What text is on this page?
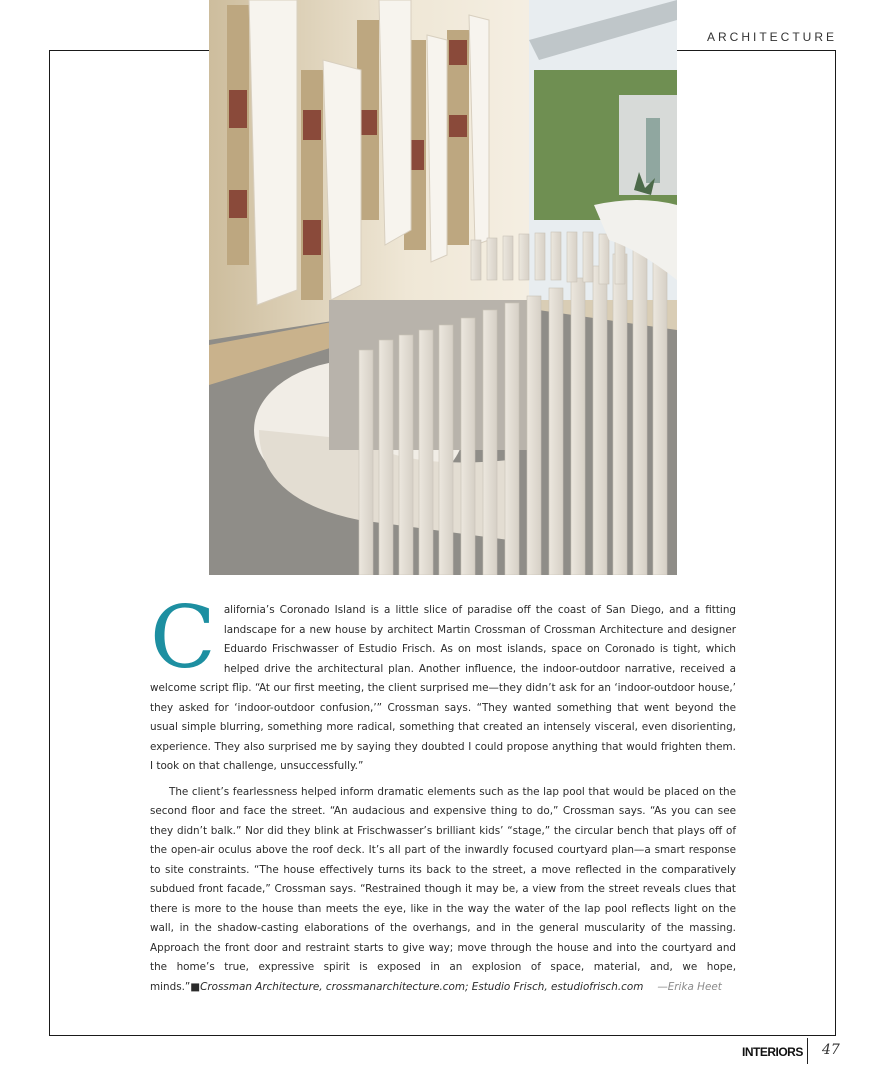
ARCHITECTURE

California’s Coronado Island is a little slice of paradise off the coast of San Diego, and a fitting landscape for a new house by architect Martin Crossman of Crossman Architecture and designer Eduardo Frischwasser of Estudio Frisch. As on most islands, space on Coronado is tight, which helped drive the architectural plan. Another influence, the indoor-outdoor narrative, received a welcome script flip. “At our first meeting, the client surprised me—they didn’t ask for an ‘indoor-outdoor house,’ they asked for ‘indoor-outdoor confusion,’” Crossman says. “They wanted something that went beyond the usual simple blurring, something more radical, something that created an intensely visceral, even disorienting, experience. They also surprised me by saying they doubted I could propose anything that would frighten them. I took on that challenge, unsuccessfully.”

The client’s fearlessness helped inform dramatic elements such as the lap pool that would be placed on the second floor and face the street. “An audacious and expensive thing to do,” Crossman says. “As you can see they didn’t balk.” Nor did they blink at Frischwasser’s brilliant kids’ “stage,” the circular bench that plays off of the open-air oculus above the roof deck. It’s all part of the inwardly focused courtyard plan—a smart response to site constraints. “The house effectively turns its back to the street, a move reflected in the comparatively subdued front facade,” Crossman says. “Restrained though it may be, a view from the street reveals clues that there is more to the house than meets the eye, like in the way the water of the lap pool reflects light on the wall, in the shadow-casting elaborations of the overhangs, and in the general muscularity of the massing. Approach the front door and restraint starts to give way; move through the house and into the courtyard and the home’s true, expressive spirit is exposed in an explosion of space, material, and, we hope, minds.”■Crossman Architecture, crossmanarchitecture.com; Estudio Frisch, estudiofrisch.com —Erika Heet

INTERIORS 47
